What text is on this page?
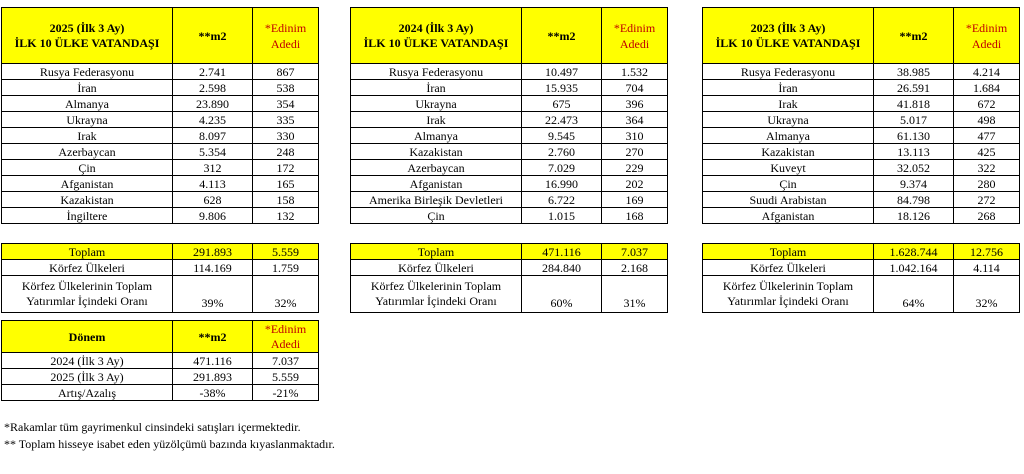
2025 (İlk 3 Ay)
İLK 10 ÜLKE VATANDAŞI	**m2	*Edinim
Adedi
Rusya Federasyonu	2.741	867
İran	2.598	538
Almanya	23.890	354
Ukrayna	4.235	335
Irak	8.097	330
Azerbaycan	5.354	248
Çin	312	172
Afganistan	4.113	165
Kazakistan	628	158
İngiltere	9.806	132
Toplam	291.893	5.559
Körfez Ülkeleri	114.169	1.759
Körfez Ülkelerinin Toplam
Yatırımlar İçindeki Oranı	39%	32%
2024 (İlk 3 Ay)
İLK 10 ÜLKE VATANDAŞI	**m2	*Edinim
Adedi
Rusya Federasyonu	10.497	1.532
İran	15.935	704
Ukrayna	675	396
Irak	22.473	364
Almanya	9.545	310
Kazakistan	2.760	270
Azerbaycan	7.029	229
Afganistan	16.990	202
Amerika Birleşik Devletleri	6.722	169
Çin	1.015	168
Toplam	471.116	7.037
Körfez Ülkeleri	284.840	2.168
Körfez Ülkelerinin Toplam
Yatırımlar İçindeki Oranı	60%	31%
2023 (İlk 3 Ay)
İLK 10 ÜLKE VATANDAŞI	**m2	*Edinim
Adedi
Rusya Federasyonu	38.985	4.214
İran	26.591	1.684
Irak	41.818	672
Ukrayna	5.017	498
Almanya	61.130	477
Kazakistan	13.113	425
Kuveyt	32.052	322
Çin	9.374	280
Suudi Arabistan	84.798	272
Afganistan	18.126	268
Toplam	1.628.744	12.756
Körfez Ülkeleri	1.042.164	4.114
Körfez Ülkelerinin Toplam
Yatırımlar İçindeki Oranı	64%	32%
Dönem	**m2	*Edinim
Adedi
2024 (İlk 3 Ay)	471.116	7.037
2025 (İlk 3 Ay)	291.893	5.559
Artış/Azalış	-38%	-21%
*Rakamlar tüm gayrimenkul cinsindeki satışları içermektedir.
** Toplam hisseye isabet eden yüzölçümü bazında kıyaslanmaktadır.
